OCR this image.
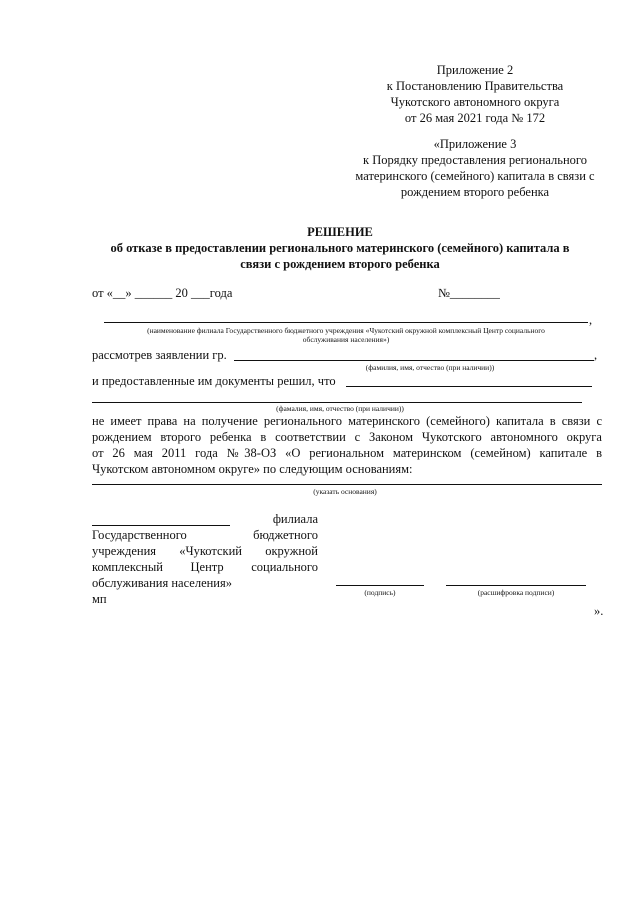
Приложение 2
к Постановлению Правительства
Чукотского автономного округа
от 26 мая 2021 года № 172
«Приложение 3
к Порядку предоставления регионального
материнского (семейного) капитала в связи с
рождением второго ребенка
РЕШЕНИЕ
об отказе в предоставлении регионального материнского (семейного) капитала в
связи с рождением второго ребенка
от «__» ______ 20 ___года	№________
,
(наименование филиала Государственного бюджетного учреждения «Чукотский окружной комплексный Центр социального
обслуживания населения»)
рассмотрев заявлении гр.	,
(фамилия, имя, отчество (при наличии))
и предоставленные им документы решил, что
(фамалия, имя, отчество (при наличии))
не имеет права на получение регионального материнского (семейного) капитала в связи с
рождением второго ребенка в соответствии с Законом Чукотского автономного округа
от 26 мая 2011 года №38-ОЗ «О региональном материнском (семейном) капитале в
Чукотском автономном округе» по следующим основаниям:
(указать основания)
филиала
Государственного	бюджетного
учреждения «Чукотский окружной
комплексный Центр социального
обслуживания населения»
мп	(подпись)	(расшифровка подписи)
».
